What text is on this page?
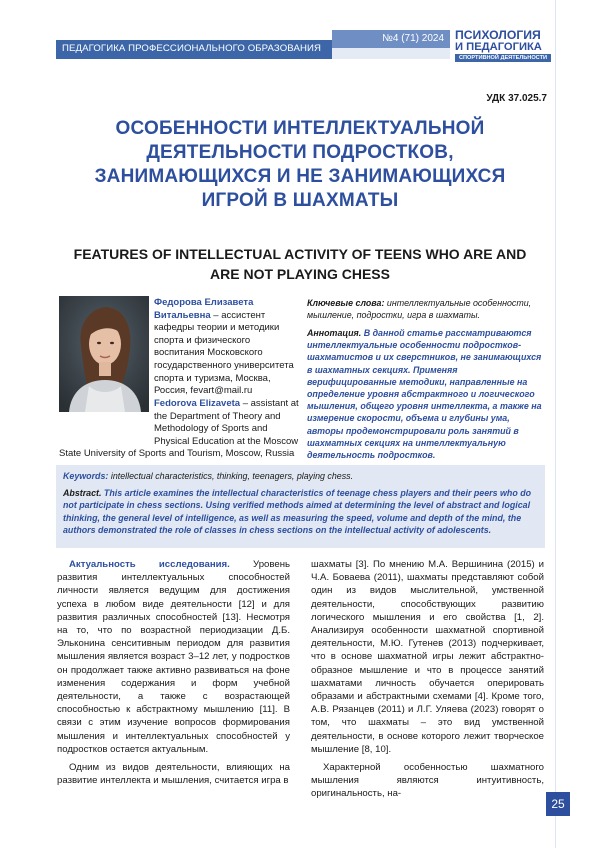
ПЕДАГОГИКА ПРОФЕССИОНАЛЬНОГО ОБРАЗОВАНИЯ
№4 (71) 2024 ПСИХОЛОГИЯ
И ПЕДАГОГИКА
СПОРТИВНОЙ ДЕЯТЕЛЬНОСТИ
УДК 37.025.7
ОСОБЕННОСТИ ИНТЕЛЛЕКТУАЛЬНОЙ ДЕЯТЕЛЬНОСТИ ПОДРОСТКОВ, ЗАНИМАЮЩИХСЯ И НЕ ЗАНИМАЮЩИХСЯ ИГРОЙ В ШАХМАТЫ
FEATURES OF INTELLECTUAL ACTIVITY OF TEENS WHO ARE AND ARE NOT PLAYING CHESS
Федорова Елизавета Витальевна – ассистент кафедры теории и методики спорта и физического воспитания Московского государственного университета спорта и туризма, Москва, Россия, fevart@mail.ru
Fedorova Elizaveta – assistant at the Department of Theory and Methodology of Sports and Physical Education at the Moscow
State University of Sports and Tourism, Moscow, Russia
Ключевые слова: интеллектуальные особенности, мышление, подростки, игра в шахматы.
Аннотация. В данной статье рассматриваются интеллектуальные особенности подростков-шахматистов и их сверстников, не занимающихся в шахматных секциях. Применяя верифицированные методики, направленные на определение уровня абстрактного и логического мышления, общего уровня интеллекта, а также на измерение скорости, объема и глубины ума, авторы продемонстрировали роль занятий в шахматных секциях на интеллектуальную деятельность подростков.
Keywords: intellectual characteristics, thinking, teenagers, playing chess.
Abstract. This article examines the intellectual characteristics of teenage chess players and their peers who do not participate in chess sections. Using verified methods aimed at determining the level of abstract and logical thinking, the general level of intelligence, as well as measuring the speed, volume and depth of the mind, the authors demonstrated the role of classes in chess sections on the intellectual activity of adolescents.

Актуальность исследования. Уровень развития интеллектуальных способностей личности является ведущим для достижения успеха в любом виде деятельности [12] и для развития различных способностей [13]. Несмотря на то, что по возрастной периодизации Д.Б. Эльконина сенситивным периодом для развития мышления является возраст 3–12 лет, у подростков он продолжает также активно развиваться на фоне изменения содержания и форм учебной деятельности, а также с возрастающей способностью к абстрактному мышлению [11]. В связи с этим изучение вопросов формирования мышления и интеллектуальных способностей у подростков остается актуальным.

Одним из видов деятельности, влияющих на развитие интеллекта и мышления, считается игра в

шахматы [3]. По мнению М.А. Вершинина (2015) и Ч.А. Боваева (2011), шахматы представляют собой один из видов мыслительной, умственной деятельности, способствующих развитию логического мышления и его свойства [1, 2]. Анализируя особенности шахматной спортивной деятельности, М.Ю. Гутенев (2013) подчеркивает, что в основе шахматной игры лежит абстрактно-образное мышление и что в процессе занятий шахматами личность обучается оперировать образами и абстрактными схемами [4]. Кроме того, А.В. Рязанцев (2011) и Л.Г. Уляева (2023) говорят о том, что шахматы – это вид умственной деятельности, в основе которого лежит творческое мышление [8, 10].

Характерной особенностью шахматного мышления являются интуитивность, оригинальность, на-

25
